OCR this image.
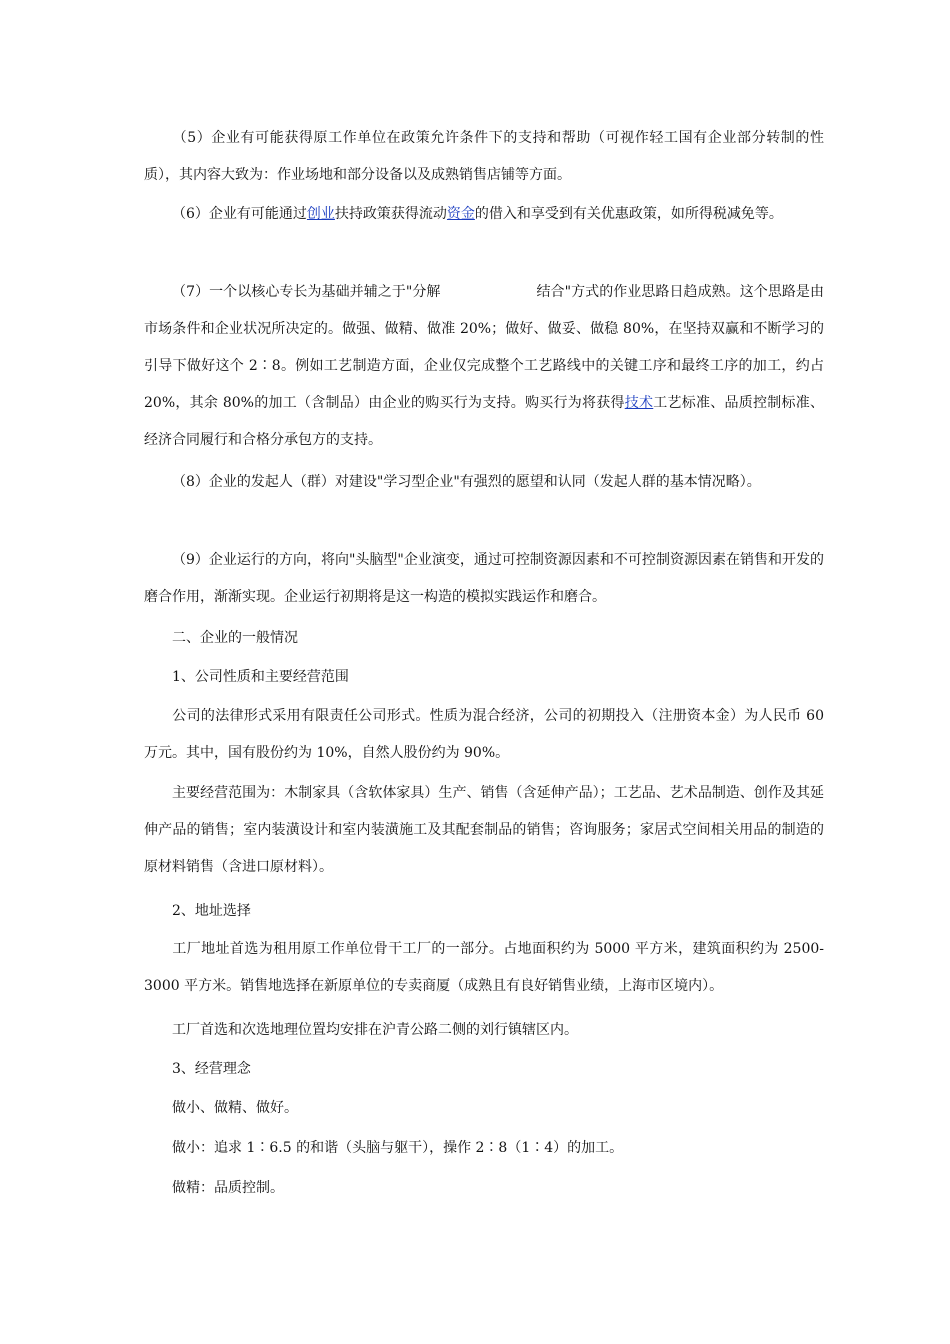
（5）企业有可能获得原工作单位在政策允许条件下的支持和帮助（可视作轻工国有企业部分转制的性质），其内容大致为：作业场地和部分设备以及成熟销售店铺等方面。

（6）企业有可能通过创业扶持政策获得流动资金的借入和享受到有关优惠政策，如所得税减免等。

（7）一个以核心专长为基础并辅之于"分解	结合"方式的作业思路日趋成熟。这个思路是由市场条件和企业状况所决定的。做强、做精、做准 20%；做好、做妥、做稳 80%，在坚持双赢和不断学习的引导下做好这个 2∶8。例如工艺制造方面，企业仅完成整个工艺路线中的关键工序和最终工序的加工，约占 20%，其余 80%的加工（含制品）由企业的购买行为支持。购买行为将获得技术工艺标准、品质控制标准、经济合同履行和合格分承包方的支持。

（8）企业的发起人（群）对建设"学习型企业"有强烈的愿望和认同（发起人群的基本情况略）。

（9）企业运行的方向，将向"头脑型"企业演变，通过可控制资源因素和不可控制资源因素在销售和开发的磨合作用，渐渐实现。企业运行初期将是这一构造的模拟实践运作和磨合。

二、企业的一般情况

1、公司性质和主要经营范围

公司的法律形式采用有限责任公司形式。性质为混合经济，公司的初期投入（注册资本金）为人民币 60 万元。其中，国有股份约为 10%，自然人股份约为 90%。

主要经营范围为：木制家具（含软体家具）生产、销售（含延伸产品）；工艺品、艺术品制造、创作及其延伸产品的销售；室内装潢设计和室内装潢施工及其配套制品的销售；咨询服务；家居式空间相关用品的制造的原材料销售（含进口原材料）。

2、地址选择

工厂地址首选为租用原工作单位骨干工厂的一部分。占地面积约为 5000 平方米，建筑面积约为 2500-3000 平方米。销售地选择在新原单位的专卖商厦（成熟且有良好销售业绩，上海市区境内）。

工厂首选和次选地理位置均安排在沪青公路二侧的刘行镇辖区内。

3、经营理念

做小、做精、做好。

做小：追求 1∶6.5 的和谐（头脑与躯干），操作 2∶8（1∶4）的加工。

做精：品质控制。
